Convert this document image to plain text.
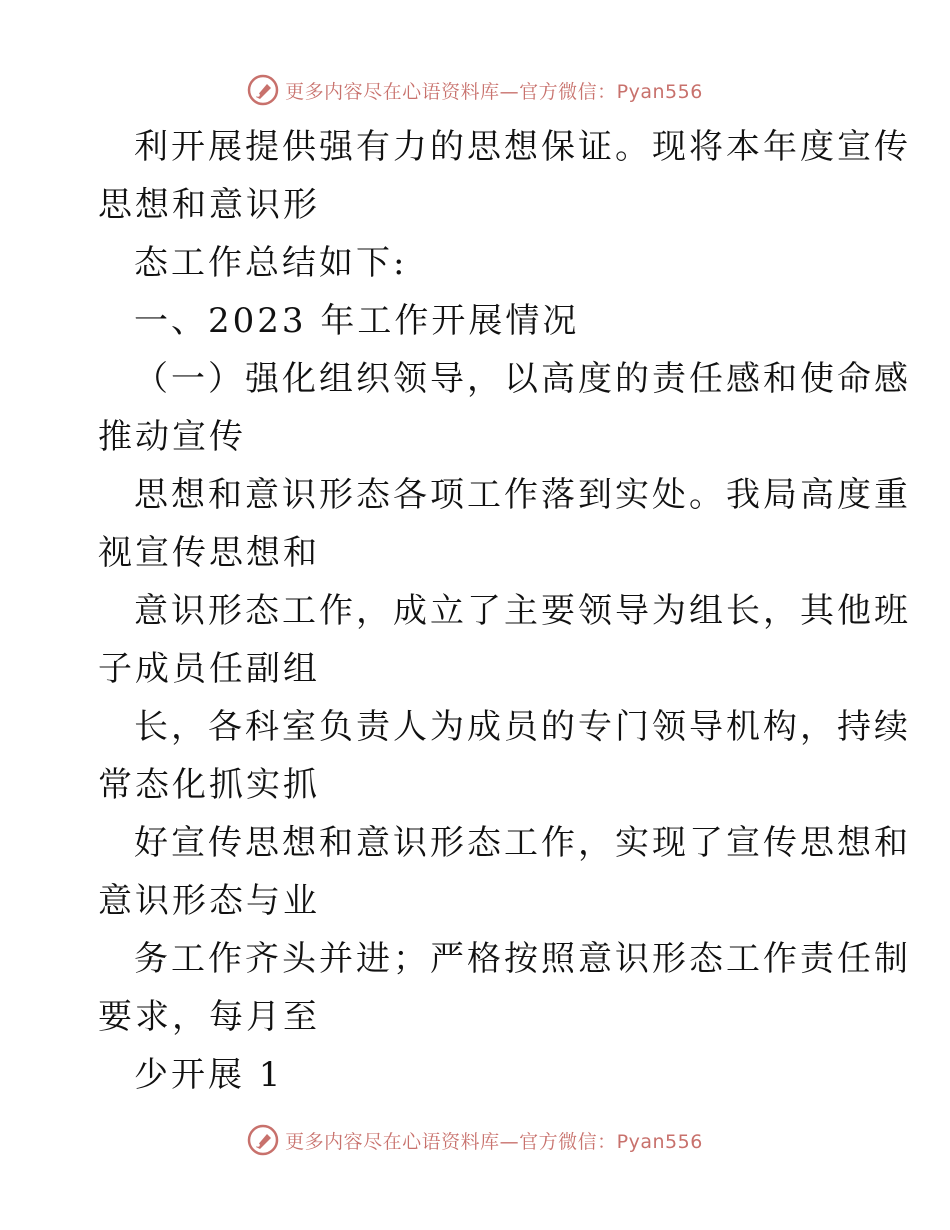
更多内容尽在心语资料库—官方微信：Pyan556
利开展提供强有力的思想保证。现将本年度宣传
思想和意识形
态工作总结如下:
一、2023 年工作开展情况
（一）强化组织领导，以高度的责任感和使命感
推动宣传
思想和意识形态各项工作落到实处。我局高度重
视宣传思想和
意识形态工作，成立了主要领导为组长，其他班
子成员任副组
长，各科室负责人为成员的专门领导机构，持续
常态化抓实抓
好宣传思想和意识形态工作，实现了宣传思想和
意识形态与业
务工作齐头并进；严格按照意识形态工作责任制
要求，每月至
少开展 1
更多内容尽在心语资料库—官方微信：Pyan556
